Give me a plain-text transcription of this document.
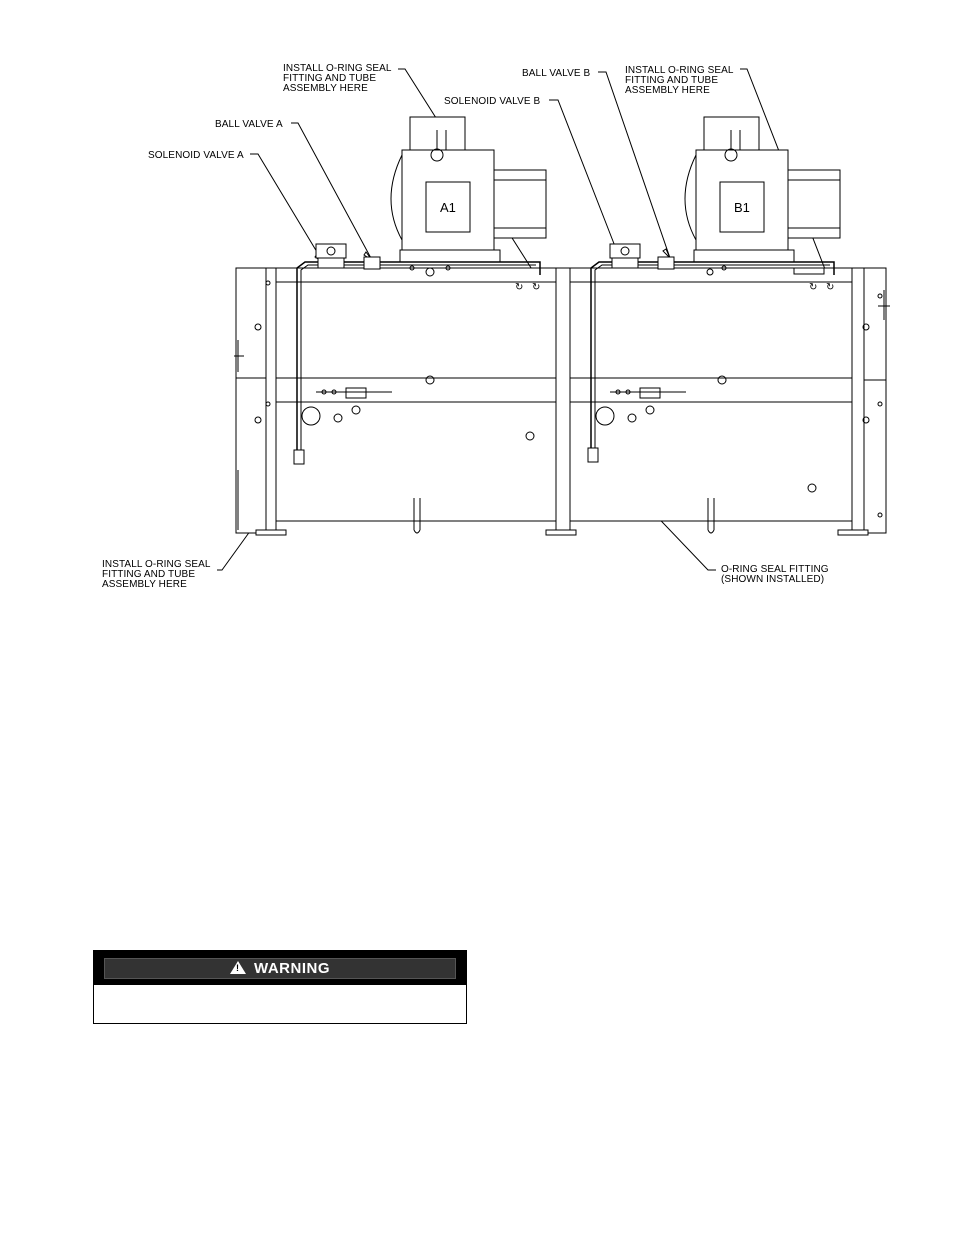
INSTALL O-RING SEAL
FITTING AND TUBE
ASSEMBLY HERE
BALL VALVE A
SOLENOID VALVE A
BALL VALVE B
SOLENOID VALVE B
INSTALL O-RING SEAL
FITTING AND TUBE
ASSEMBLY HERE
INSTALL O-RING SEAL
FITTING AND TUBE
ASSEMBLY HERE
O-RING SEAL FITTING
(SHOWN INSTALLED)
A1
↻ ↻
B1
↻ ↻
! WARNING
